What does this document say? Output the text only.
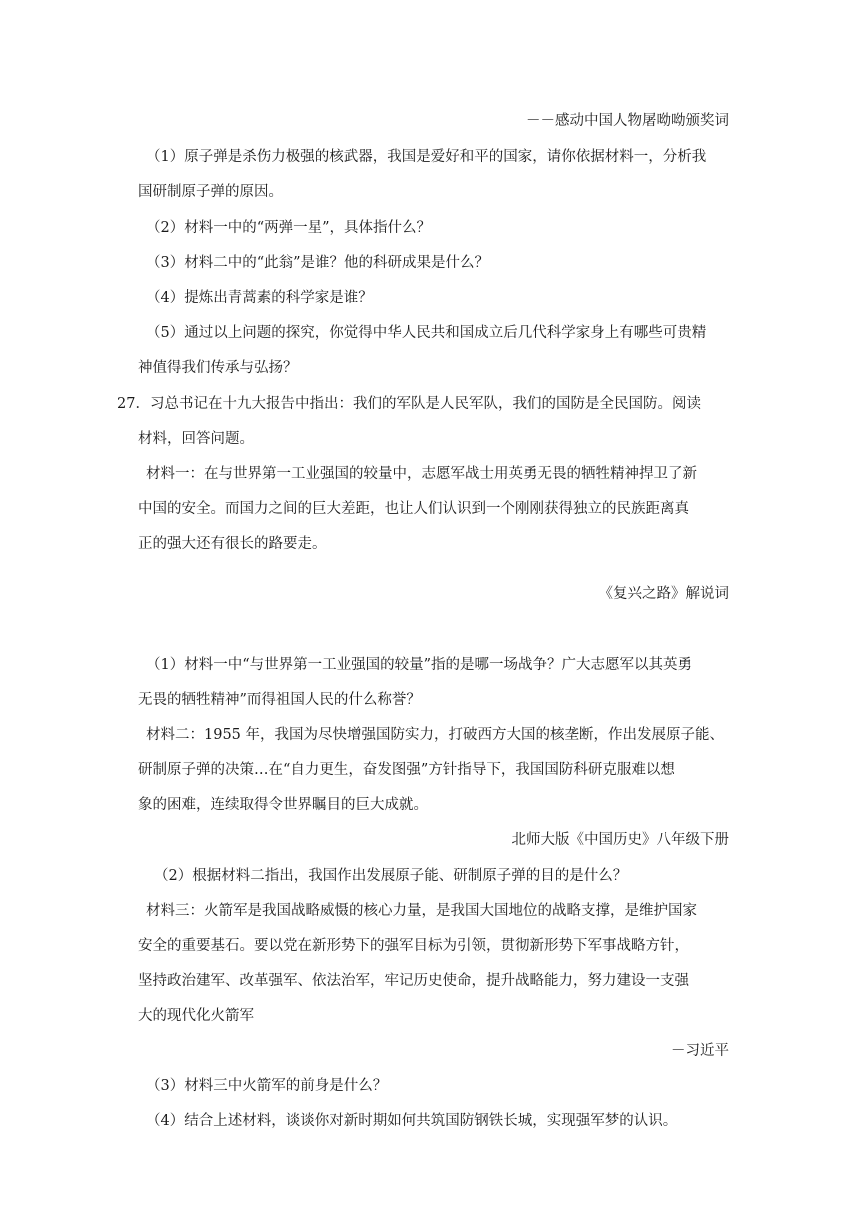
－－感动中国人物屠呦呦颁奖词
（1）原子弹是杀伤力极强的核武器，我国是爱好和平的国家，请你依据材料一，分析我
国研制原子弹的原因。
（2）材料一中的“两弹一星”，具体指什么？
（3）材料二中的“此翁”是谁？他的科研成果是什么？
（4）提炼出青蒿素的科学家是谁？
（5）通过以上问题的探究，你觉得中华人民共和国成立后几代科学家身上有哪些可贵精
神值得我们传承与弘扬？
27．习总书记在十九大报告中指出：我们的军队是人民军队，我们的国防是全民国防。阅读
材料，回答问题。
材料一：在与世界第一工业强国的较量中，志愿军战士用英勇无畏的牺牲精神捍卫了新
中国的安全。而国力之间的巨大差距，也让人们认识到一个刚刚获得独立的民族距离真
正的强大还有很长的路要走。
《复兴之路》解说词
（1）材料一中“与世界第一工业强国的较量”指的是哪一场战争？广大志愿军以其英勇
无畏的牺牲精神”而得祖国人民的什么称誉？
材料二：1955 年，我国为尽快增强国防实力，打破西方大国的核垄断，作出发展原子能、
研制原子弹的决策…在“自力更生，奋发图强”方针指导下，我国国防科研克服难以想
象的困难，连续取得令世界瞩目的巨大成就。
北师大版《中国历史》八年级下册
（2）根据材料二指出，我国作出发展原子能、研制原子弹的目的是什么？
材料三：火箭军是我国战略威慑的核心力量，是我国大国地位的战略支撑，是维护国家
安全的重要基石。要以党在新形势下的强军目标为引领，贯彻新形势下军事战略方针，
坚持政治建军、改革强军、依法治军，牢记历史使命，提升战略能力，努力建设一支强
大的现代化火箭军
－习近平
（3）材料三中火箭军的前身是什么？
（4）结合上述材料，谈谈你对新时期如何共筑国防钢铁长城，实现强军梦的认识。
